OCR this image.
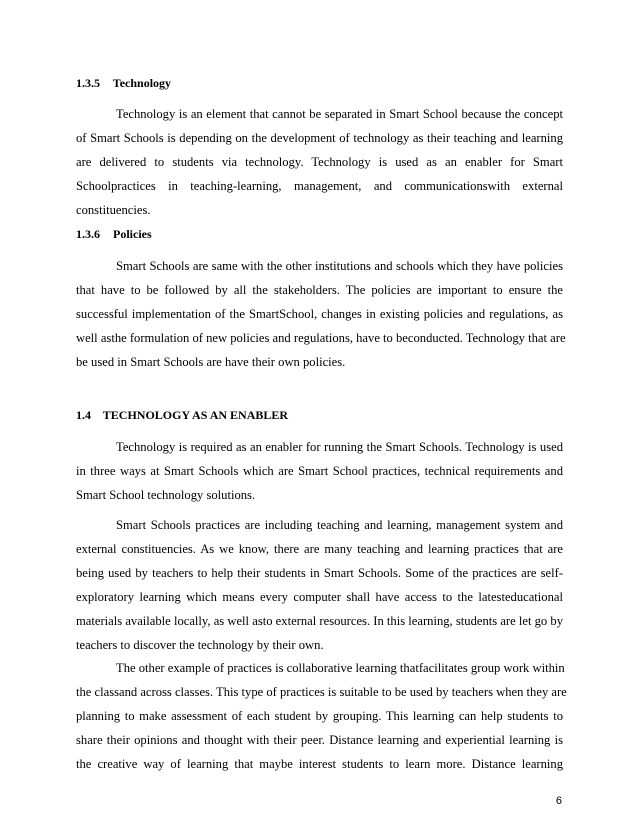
1.3.5 Technology
Technology is an element that cannot be separated in Smart School because the concept
of Smart Schools is depending on the development of technology as their teaching and learning
are delivered to students via technology. Technology is used as an enabler for Smart
Schoolpractices in teaching-learning, management, and communicationswith external
constituencies.
1.3.6 Policies
Smart Schools are same with the other institutions and schools which they have policies
that have to be followed by all the stakeholders. The policies are important to ensure the
successful implementation of the SmartSchool, changes in existing policies and regulations, as
well asthe formulation of new policies and regulations, have to beconducted. Technology that are
be used in Smart Schools are have their own policies.
1.4 TECHNOLOGY AS AN ENABLER
Technology is required as an enabler for running the Smart Schools. Technology is used
in three ways at Smart Schools which are Smart School practices, technical requirements and
Smart School technology solutions.
Smart Schools practices are including teaching and learning, management system and
external constituencies. As we know, there are many teaching and learning practices that are
being used by teachers to help their students in Smart Schools. Some of the practices are self-
exploratory learning which means every computer shall have access to the latesteducational
materials available locally, as well asto external resources. In this learning, students are let go by
teachers to discover the technology by their own.
The other example of practices is collaborative learning thatfacilitates group work within
the classand across classes. This type of practices is suitable to be used by teachers when they are
planning to make assessment of each student by grouping. This learning can help students to
share their opinions and thought with their peer. Distance learning and experiential learning is
the creative way of learning that maybe interest students to learn more. Distance learning
6
